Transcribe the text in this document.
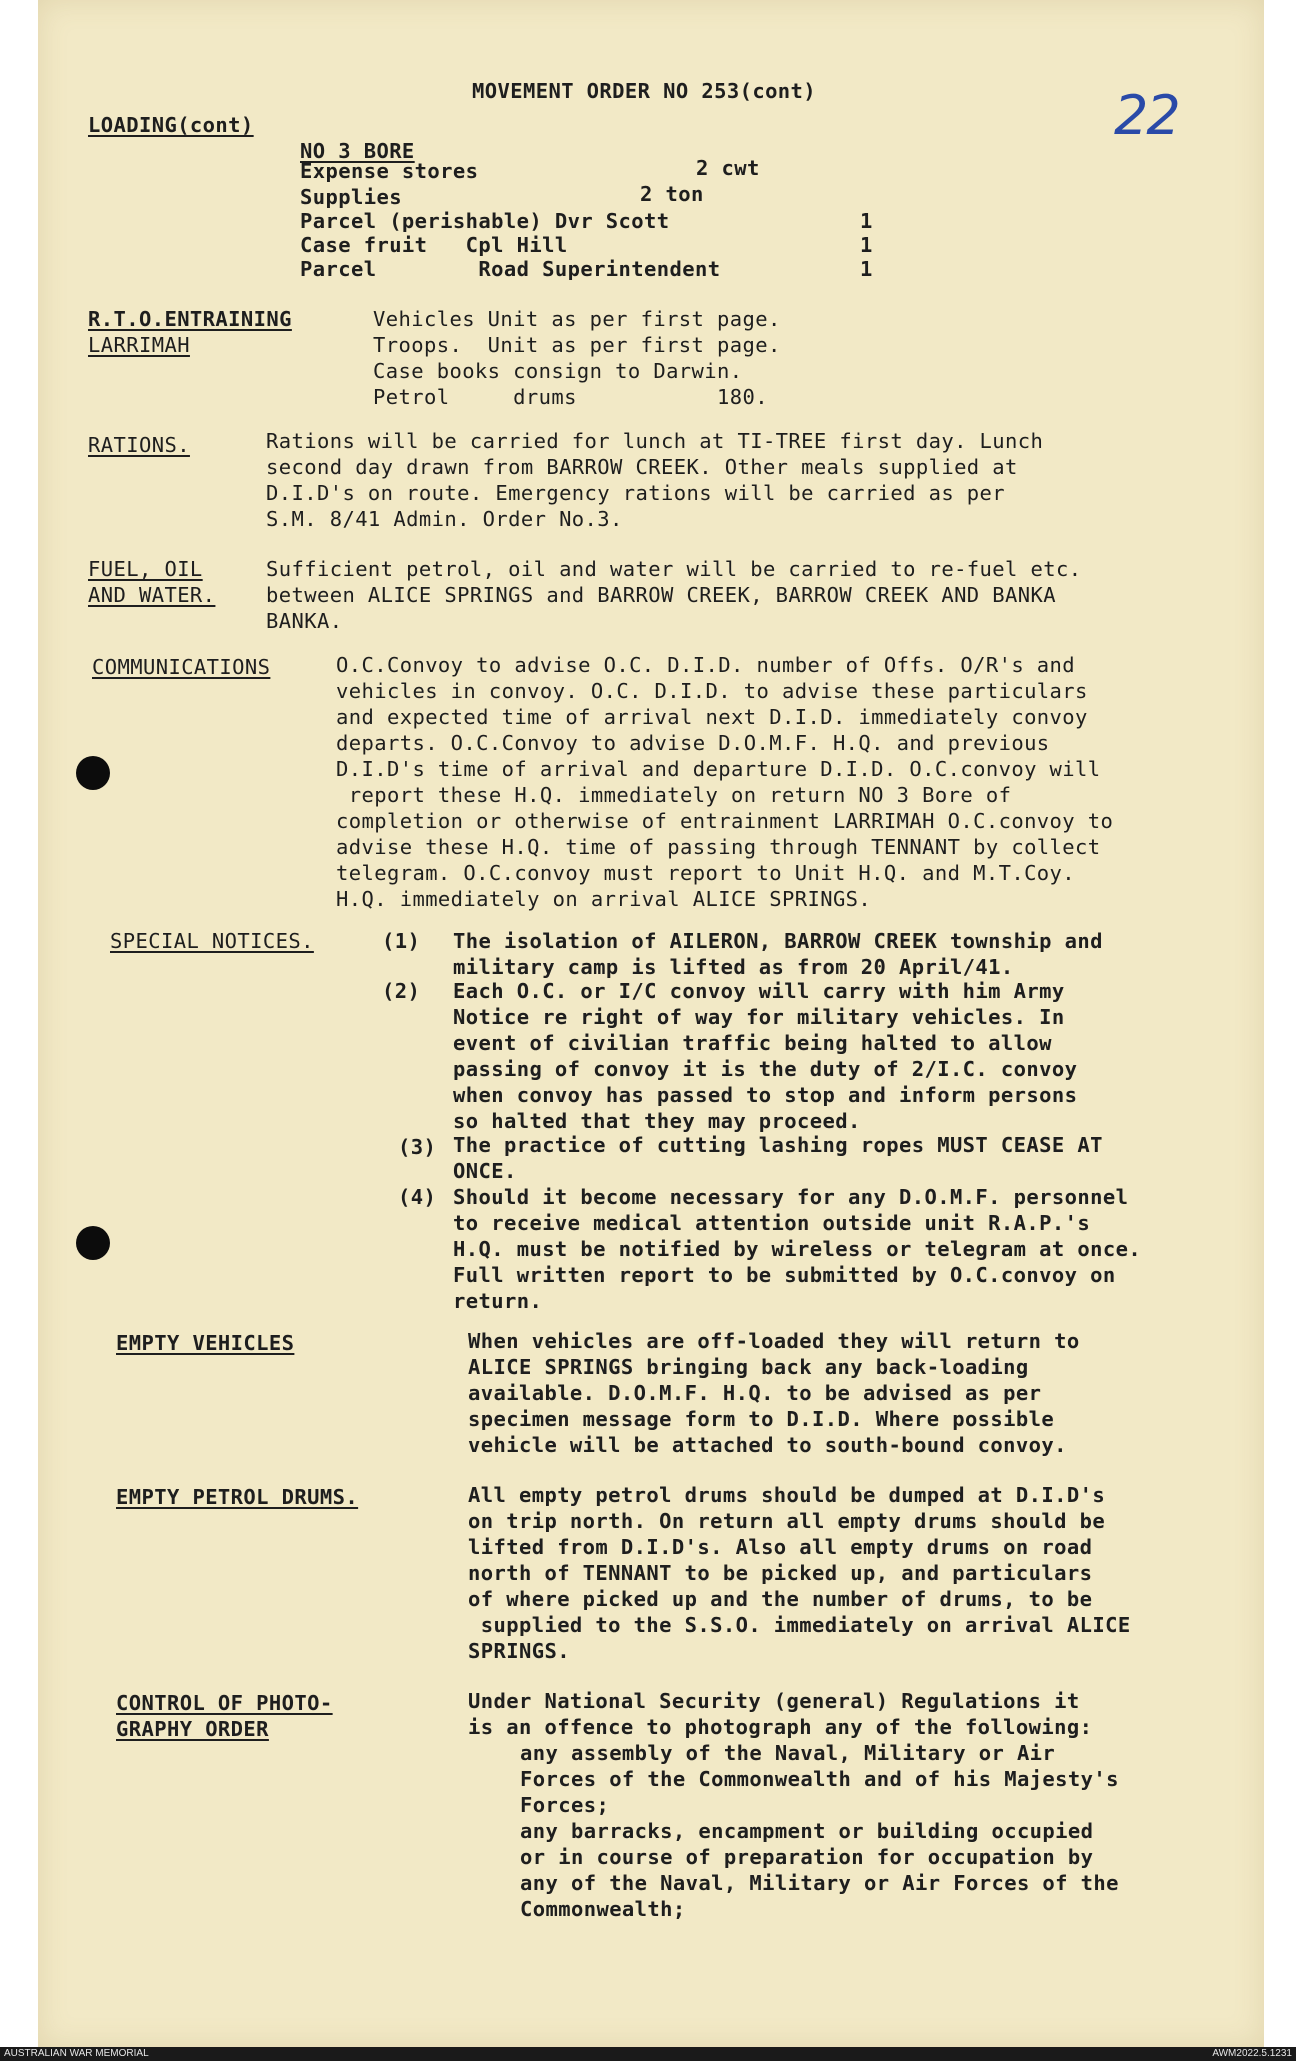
MOVEMENT ORDER NO 253(cont)	22
LOADING(cont)
NO 3 BORE
Expense stores	2 cwt
Supplies	2 ton
Parcel (perishable) Dvr Scott	1
Case fruit   Cpl Hill	1
Parcel        Road Superintendent	1
R.T.O.ENTRAINING
LARRIMAH
Vehicles Unit as per first page.
Troops.  Unit as per first page.
Case books consign to Darwin.
Petrol     drums           180.
RATIONS.	Rations will be carried for lunch at TI-TREE first day. Lunch
second day drawn from BARROW CREEK. Other meals supplied at
D.I.D's on route. Emergency rations will be carried as per
S.M. 8/41 Admin. Order No.3.
FUEL, OIL
AND WATER.
Sufficient petrol, oil and water will be carried to re-fuel etc.
between ALICE SPRINGS and BARROW CREEK, BARROW CREEK AND BANKA
BANKA.
COMMUNICATIONS	O.C.Convoy to advise O.C. D.I.D. number of Offs. O/R's and
vehicles in convoy. O.C. D.I.D. to advise these particulars
and expected time of arrival next D.I.D. immediately convoy
departs. O.C.Convoy to advise D.O.M.F. H.Q. and previous
D.I.D's time of arrival and departure D.I.D. O.C.convoy will
report these H.Q. immediately on return NO 3 Bore of
completion or otherwise of entrainment LARRIMAH O.C.convoy to
advise these H.Q. time of passing through TENNANT by collect
telegram. O.C.convoy must report to Unit H.Q. and M.T.Coy.
H.Q. immediately on arrival ALICE SPRINGS.
SPECIAL NOTICES.	(1) The isolation of AILERON, BARROW CREEK township and
military camp is lifted as from 20 April/41.
(2) Each O.C. or I/C convoy will carry with him Army
Notice re right of way for military vehicles. In
event of civilian traffic being halted to allow
passing of convoy it is the duty of 2/I.C. convoy
when convoy has passed to stop and inform persons
so halted that they may proceed.
(3) The practice of cutting lashing ropes MUST CEASE AT
ONCE.
(4) Should it become necessary for any D.O.M.F. personnel
to receive medical attention outside unit R.A.P.'s
H.Q. must be notified by wireless or telegram at once.
Full written report to be submitted by O.C.convoy on
return.
EMPTY VEHICLES	When vehicles are off-loaded they will return to
ALICE SPRINGS bringing back any back-loading
available. D.O.M.F. H.Q. to be advised as per
specimen message form to D.I.D. Where possible
vehicle will be attached to south-bound convoy.
EMPTY PETROL DRUMS.	All empty petrol drums should be dumped at D.I.D's
on trip north. On return all empty drums should be
lifted from D.I.D's. Also all empty drums on road
north of TENNANT to be picked up, and particulars
of where picked up and the number of drums, to be
supplied to the S.S.O. immediately on arrival ALICE
SPRINGS.
CONTROL OF PHOTO-
GRAPHY ORDER
Under National Security (general) Regulations it
is an offence to photograph any of the following:
any assembly of the Naval, Military or Air
Forces of the Commonwealth and of his Majesty's
Forces;
any barracks, encampment or building occupied
or in course of preparation for occupation by
any of the Naval, Military or Air Forces of the
Commonwealth;
AUSTRALIAN WAR MEMORIAL	AWM2022.5.1231
